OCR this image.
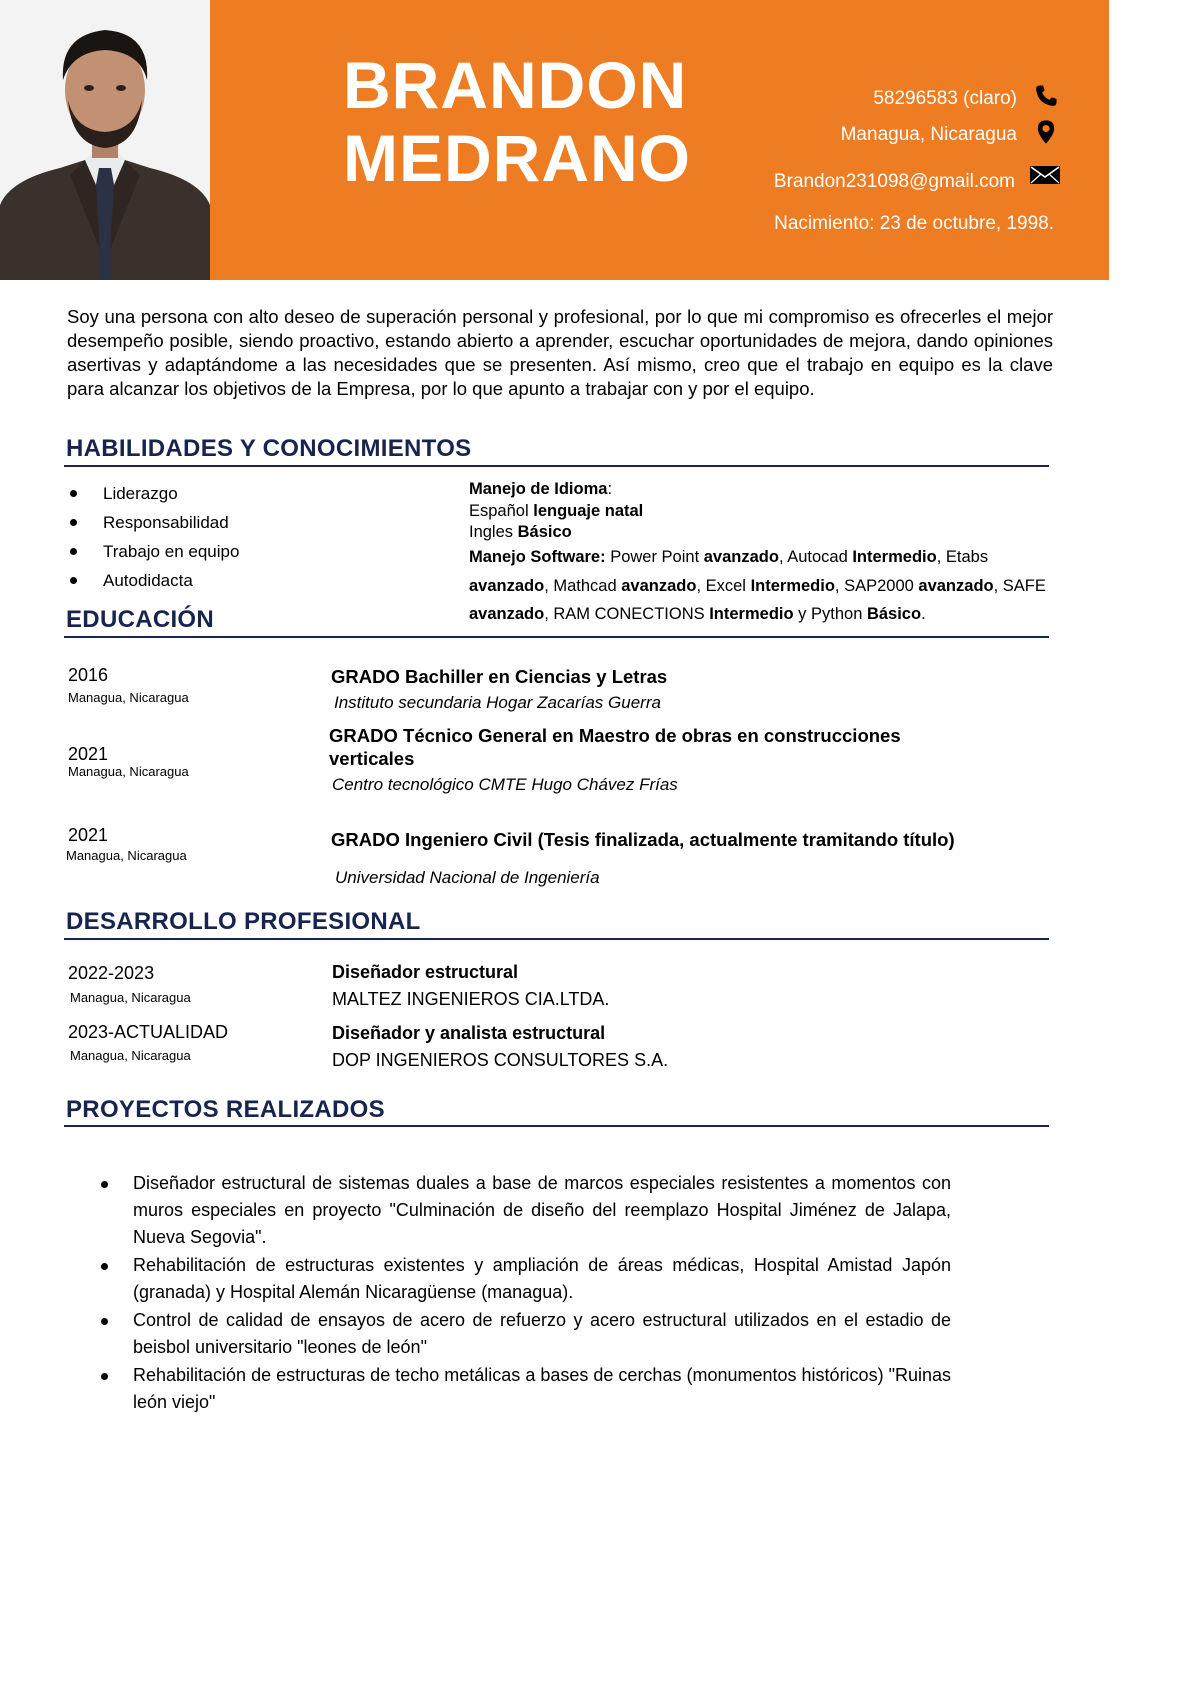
BRANDON
MEDRANO
58296583 (claro)
Managua, Nicaragua
Brandon231098@gmail.com
Nacimiento: 23 de octubre, 1998.
Soy una persona con alto deseo de superación personal y profesional, por lo que mi compromiso es ofrecerles el mejor desempeño posible, siendo proactivo, estando abierto a aprender, escuchar oportunidades de mejora, dando opiniones asertivas y adaptándome a las necesidades que se presenten. Así mismo, creo que el trabajo en equipo es la clave para alcanzar los objetivos de la Empresa, por lo que apunto a trabajar con y por el equipo.
HABILIDADES Y CONOCIMIENTOS
Liderazgo
Responsabilidad
Trabajo en equipo
Autodidacta
Manejo de Idioma:
Español lenguaje natal
Ingles Básico
Manejo Software: Power Point avanzado, Autocad Intermedio, Etabs avanzado, Mathcad avanzado, Excel Intermedio, SAP2000 avanzado, SAFE avanzado, RAM CONECTIONS Intermedio y Python Básico.
EDUCACIÓN
2016
Managua, Nicaragua
GRADO Bachiller en Ciencias y Letras
Instituto secundaria Hogar Zacarías Guerra
2021
Managua, Nicaragua
GRADO Técnico General en Maestro de obras en construcciones verticales
Centro tecnológico CMTE Hugo Chávez Frías
2021
Managua, Nicaragua
GRADO Ingeniero Civil (Tesis finalizada, actualmente tramitando título)
Universidad Nacional de Ingeniería
DESARROLLO PROFESIONAL
2022-2023
Managua, Nicaragua
Diseñador estructural
MALTEZ INGENIEROS CIA.LTDA.
2023-ACTUALIDAD
Managua, Nicaragua
Diseñador y analista estructural
DOP INGENIEROS CONSULTORES S.A.
PROYECTOS REALIZADOS
Diseñador estructural de sistemas duales a base de marcos especiales resistentes a momentos con muros especiales en proyecto "Culminación de diseño del reemplazo Hospital Jiménez de Jalapa, Nueva Segovia".
Rehabilitación de estructuras existentes y ampliación de áreas médicas, Hospital Amistad Japón (granada) y Hospital Alemán Nicaragüense (managua).
Control de calidad de ensayos de acero de refuerzo y acero estructural utilizados en el estadio de beisbol universitario "leones de león"
Rehabilitación de estructuras de techo metálicas a bases de cerchas (monumentos históricos) "Ruinas león viejo"
